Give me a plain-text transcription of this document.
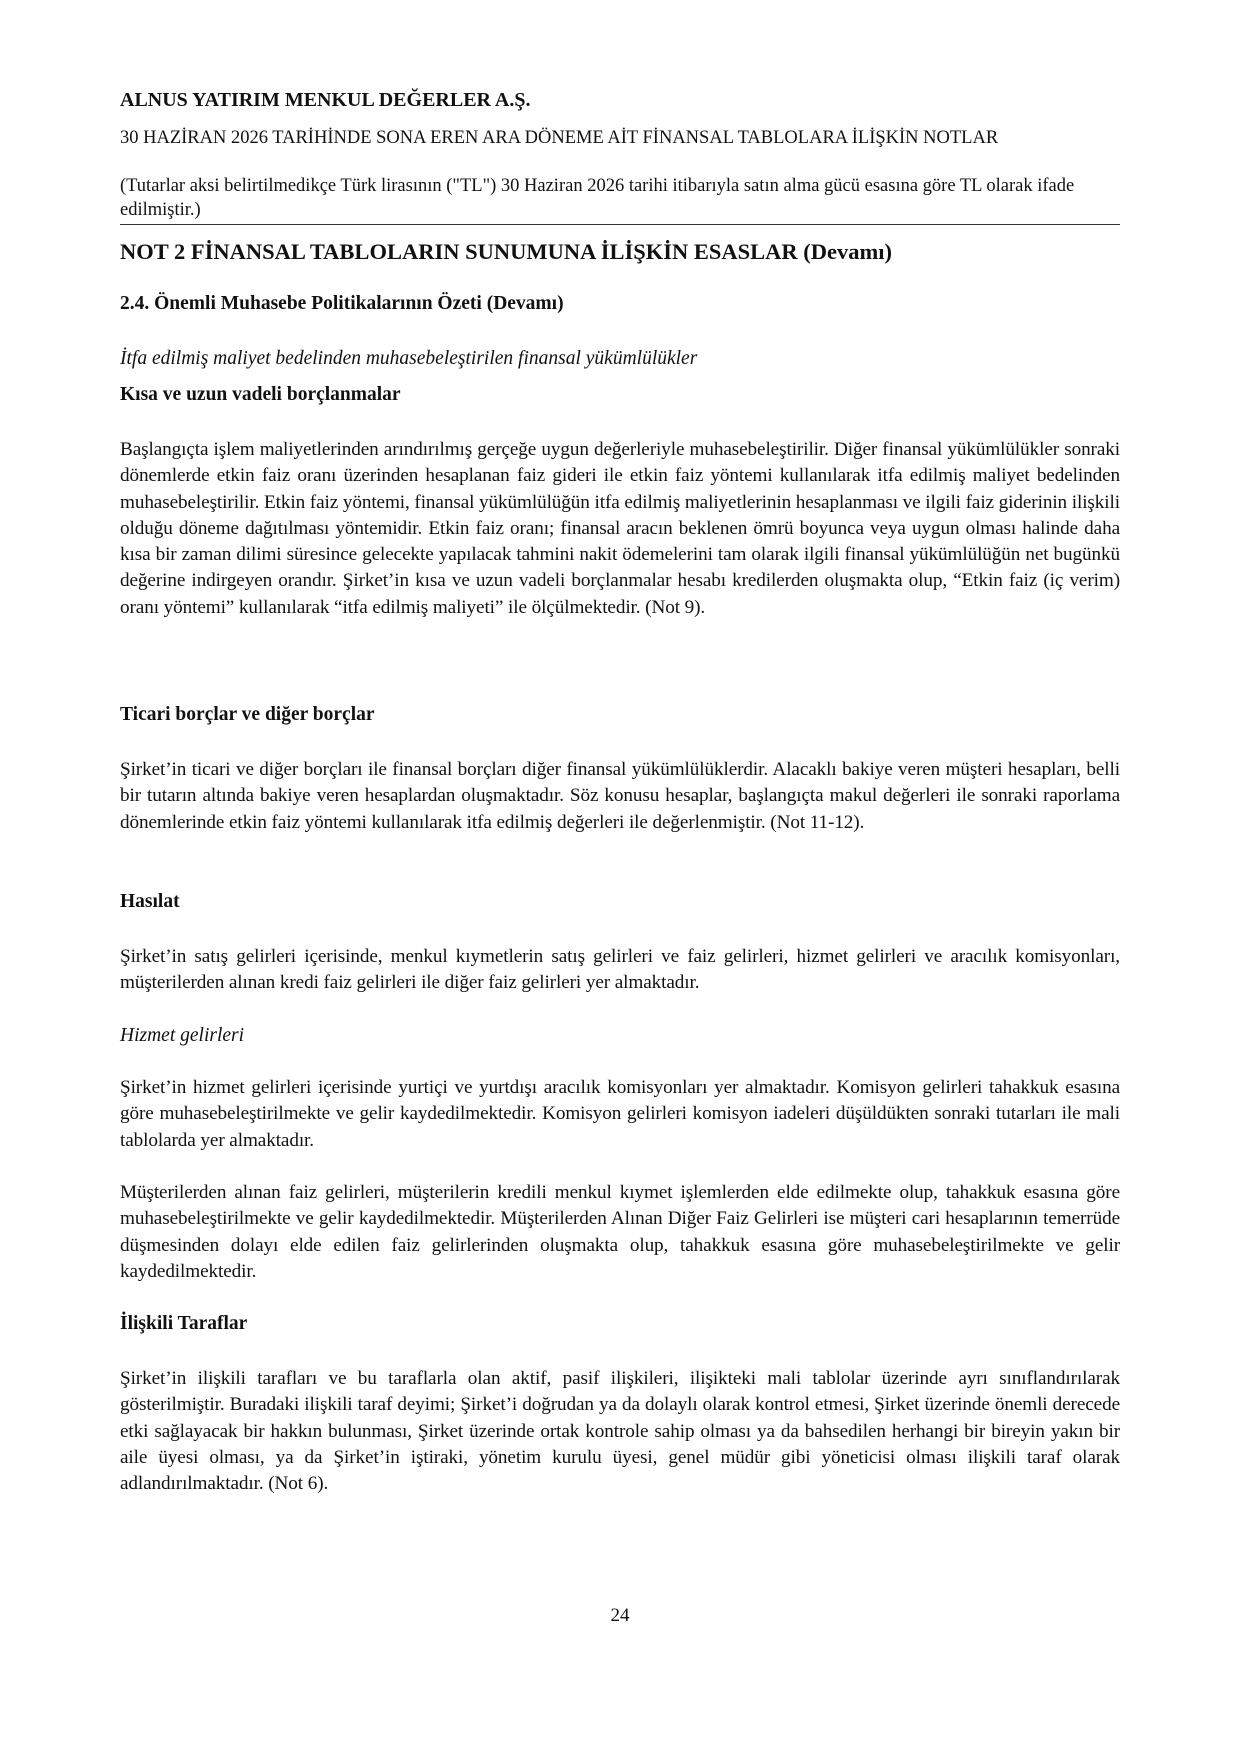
ALNUS YATIRIM MENKUL DEĞERLER A.Ş.
30 HAZİRAN 2026 TARİHİNDE SONA EREN ARA DÖNEME AİT FİNANSAL TABLOLARA İLİŞKİN NOTLAR
(Tutarlar aksi belirtilmedikçe Türk lirasının ("TL") 30 Haziran 2026 tarihi itibarıyla satın alma gücü esasına göre TL olarak ifade edilmiştir.)
NOT 2 FİNANSAL TABLOLARIN SUNUMUNA İLİŞKİN ESASLAR (Devamı)
2.4. Önemli Muhasebe Politikalarının Özeti (Devamı)
İtfa edilmiş maliyet bedelinden muhasebeleştirilen finansal yükümlülükler
Kısa ve uzun vadeli borçlanmalar
Başlangıçta işlem maliyetlerinden arındırılmış gerçeğe uygun değerleriyle muhasebeleştirilir. Diğer finansal yükümlülükler sonraki dönemlerde etkin faiz oranı üzerinden hesaplanan faiz gideri ile etkin faiz yöntemi kullanılarak itfa edilmiş maliyet bedelinden muhasebeleştirilir. Etkin faiz yöntemi, finansal yükümlülüğün itfa edilmiş maliyetlerinin hesaplanması ve ilgili faiz giderinin ilişkili olduğu döneme dağıtılması yöntemidir. Etkin faiz oranı; finansal aracın beklenen ömrü boyunca veya uygun olması halinde daha kısa bir zaman dilimi süresince gelecekte yapılacak tahmini nakit ödemelerini tam olarak ilgili finansal yükümlülüğün net bugünkü değerine indirgeyen orandır. Şirket’in kısa ve uzun vadeli borçlanmalar hesabı kredilerden oluşmakta olup, “Etkin faiz (iç verim) oranı yöntemi” kullanılarak “itfa edilmiş maliyeti” ile ölçülmektedir. (Not 9).
Ticari borçlar ve diğer borçlar
Şirket’in ticari ve diğer borçları ile finansal borçları diğer finansal yükümlülüklerdir. Alacaklı bakiye veren müşteri hesapları, belli bir tutarın altında bakiye veren hesaplardan oluşmaktadır. Söz konusu hesaplar, başlangıçta makul değerleri ile sonraki raporlama dönemlerinde etkin faiz yöntemi kullanılarak itfa edilmiş değerleri ile değerlenmiştir. (Not 11-12).
Hasılat
Şirket’in satış gelirleri içerisinde, menkul kıymetlerin satış gelirleri ve faiz gelirleri, hizmet gelirleri ve aracılık komisyonları, müşterilerden alınan kredi faiz gelirleri ile diğer faiz gelirleri yer almaktadır.
Hizmet gelirleri
Şirket’in hizmet gelirleri içerisinde yurtiçi ve yurtdışı aracılık komisyonları yer almaktadır. Komisyon gelirleri tahakkuk esasına göre muhasebeleştirilmekte ve gelir kaydedilmektedir. Komisyon gelirleri komisyon iadeleri düşüldükten sonraki tutarları ile mali tablolarda yer almaktadır.
Müşterilerden alınan faiz gelirleri, müşterilerin kredili menkul kıymet işlemlerden elde edilmekte olup, tahakkuk esasına göre muhasebeleştirilmekte ve gelir kaydedilmektedir. Müşterilerden Alınan Diğer Faiz Gelirleri ise müşteri cari hesaplarının temerrüde düşmesinden dolayı elde edilen faiz gelirlerinden oluşmakta olup, tahakkuk esasına göre muhasebeleştirilmekte ve gelir kaydedilmektedir.
İlişkili Taraflar
Şirket’in ilişkili tarafları ve bu taraflarla olan aktif, pasif ilişkileri, ilişikteki mali tablolar üzerinde ayrı sınıflandırılarak gösterilmiştir. Buradaki ilişkili taraf deyimi; Şirket’i doğrudan ya da dolaylı olarak kontrol etmesi, Şirket üzerinde önemli derecede etki sağlayacak bir hakkın bulunması, Şirket üzerinde ortak kontrole sahip olması ya da bahsedilen herhangi bir bireyin yakın bir aile üyesi olması, ya da Şirket’in iştiraki, yönetim kurulu üyesi, genel müdür gibi yöneticisi olması ilişkili taraf olarak adlandırılmaktadır. (Not 6).
24
